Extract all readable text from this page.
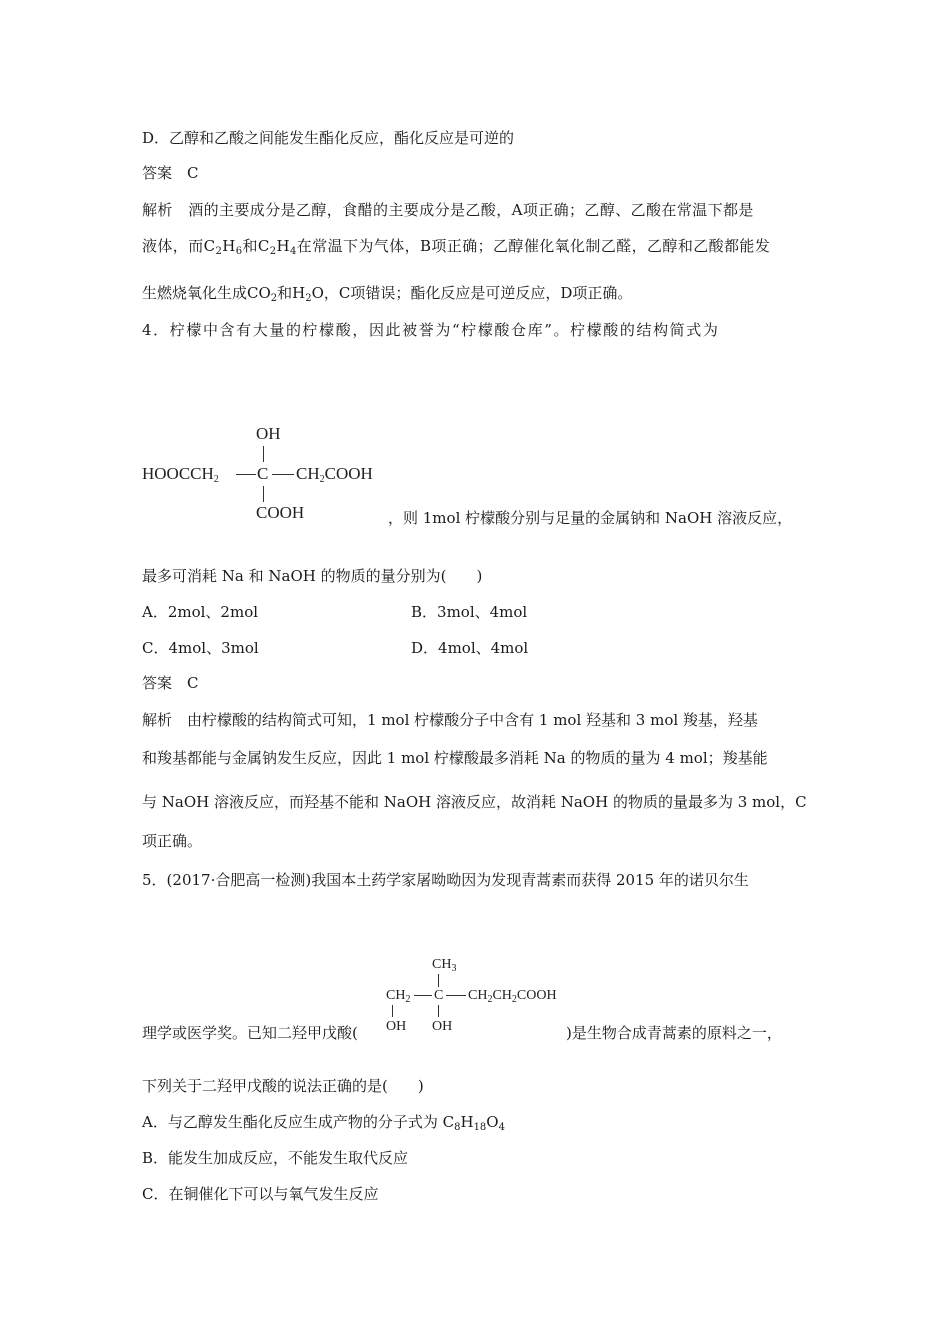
D．乙醇和乙酸之间能发生酯化反应，酯化反应是可逆的
答案　C
解析　酒的主要成分是乙醇，食醋的主要成分是乙酸，A项正确；乙醇、乙酸在常温下都是
液体，而$C_2H_6$和$C_2H_4$在常温下为气体，B项正确；乙醇催化氧化制乙醛，乙醇和乙酸都能发
生燃烧氧化生成$CO_2$和$H_2O$，C项错误；酯化反应是可逆反应，D项正确。
4．柠檬中含有大量的柠檬酸，因此被誉为“柠檬酸仓库”。柠檬酸的结构简式为
OH
$HOOCCH_2$ C $CH_2COOH$
COOH	，则 1mol 柠檬酸分别与足量的金属钠和 NaOH 溶液反应，
最多可消耗 Na 和 NaOH 的物质的量分别为(　　)
A．2mol、2mol	B．3mol、4mol
C．4mol、3mol	D．4mol、4mol
答案　C
解析　由柠檬酸的结构简式可知，1 mol 柠檬酸分子中含有 1 mol 羟基和 3 mol 羧基，羟基
和羧基都能与金属钠发生反应，因此 1 mol 柠檬酸最多消耗 Na 的物质的量为 4 mol；羧基能
与 NaOH 溶液反应，而羟基不能和 NaOH 溶液反应，故消耗 NaOH 的物质的量最多为 3 mol，C
项正确。
5．(2017·合肥高一检测)我国本土药学家屠呦呦因为发现青蒿素而获得 2015 年的诺贝尔生
$CH_3$
$CH_2$ C $CH_2CH_2COOH$
OH OH
理学或医学奖。已知二羟甲戊酸(	)是生物合成青蒿素的原料之一，
下列关于二羟甲戊酸的说法正确的是(　　)
A．与乙醇发生酯化反应生成产物的分子式为 $C_8H_{18}O_4$
B．能发生加成反应，不能发生取代反应
C．在铜催化下可以与氧气发生反应
